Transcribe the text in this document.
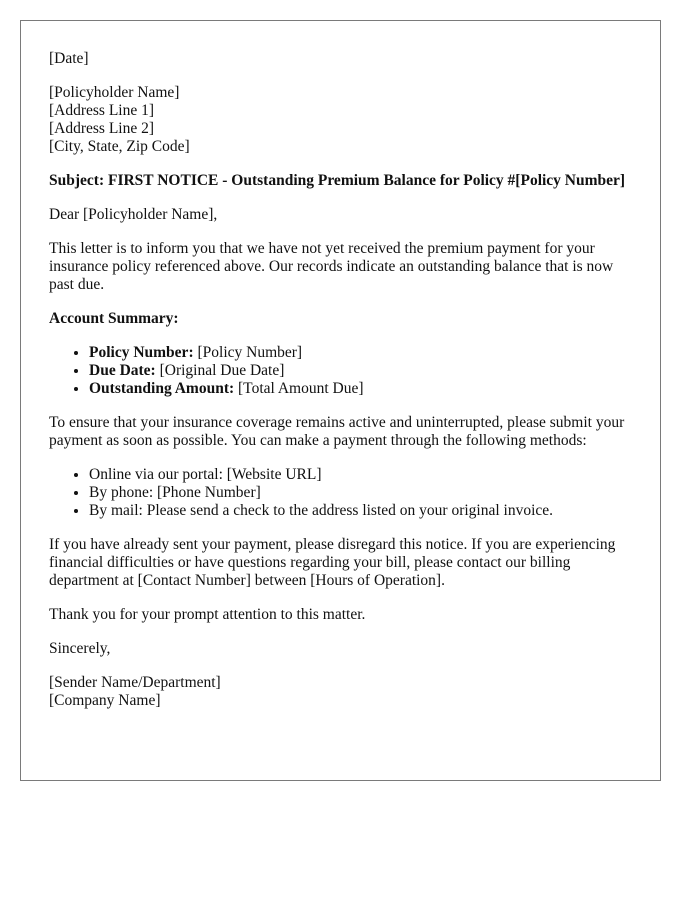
[Date]

[Policyholder Name]

[Address Line 1]

[Address Line 2]

[City, State, Zip Code]

Subject: FIRST NOTICE - Outstanding Premium Balance for Policy #[Policy Number]

Dear [Policyholder Name],

This letter is to inform you that we have not yet received the premium payment for your insurance policy referenced above. Our records indicate an outstanding balance that is now past due.

Account Summary:

• Policy Number: [Policy Number]
• Due Date: [Original Due Date]
• Outstanding Amount: [Total Amount Due]

To ensure that your insurance coverage remains active and uninterrupted, please submit your payment as soon as possible. You can make a payment through the following methods:

• Online via our portal: [Website URL]
• By phone: [Phone Number]
• By mail: Please send a check to the address listed on your original invoice.

If you have already sent your payment, please disregard this notice. If you are experiencing financial difficulties or have questions regarding your bill, please contact our billing department at [Contact Number] between [Hours of Operation].

Thank you for your prompt attention to this matter.

Sincerely,

[Sender Name/Department]

[Company Name]
